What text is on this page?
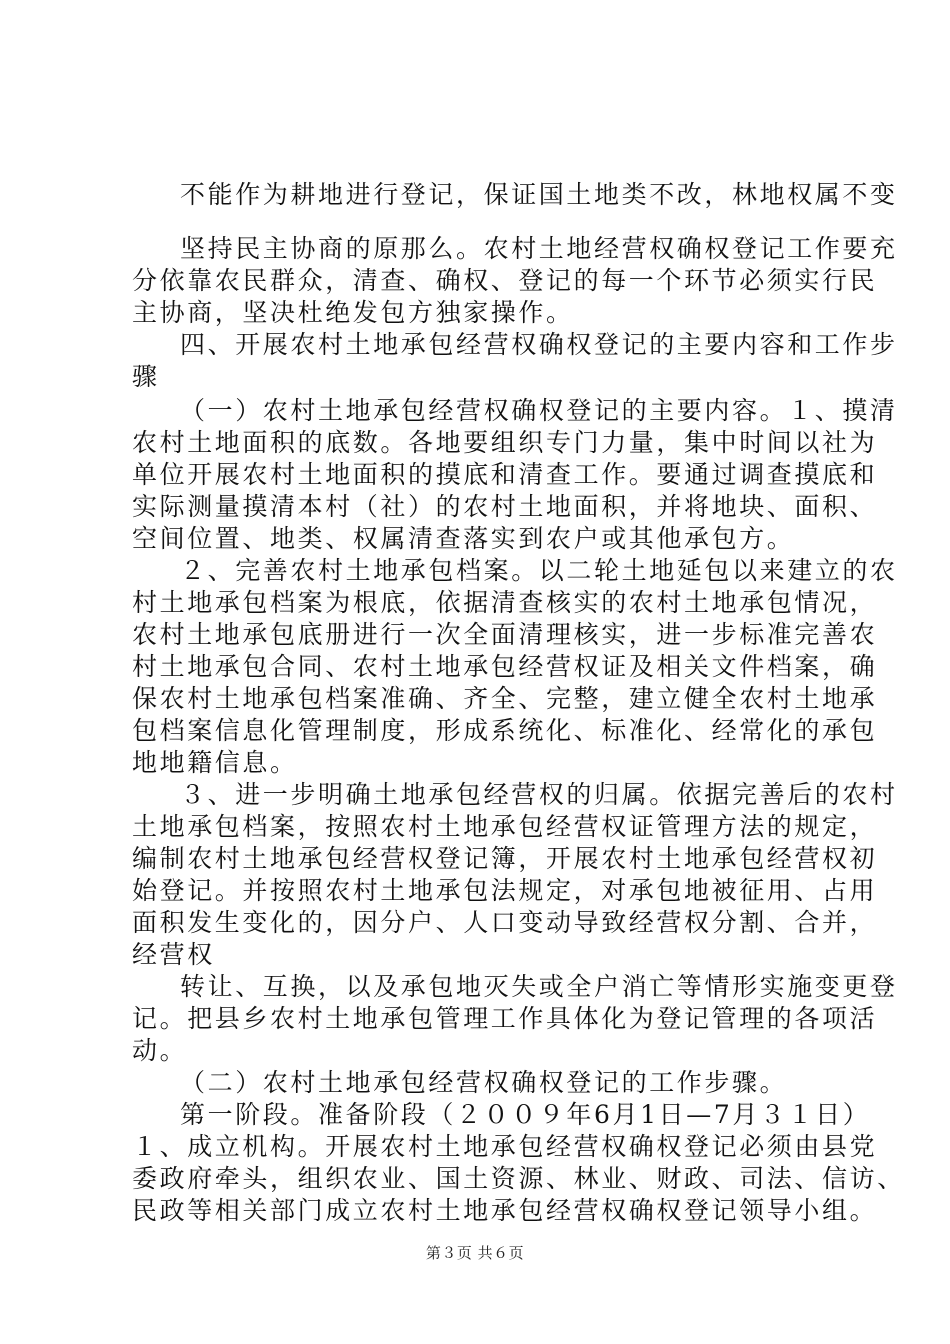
不能作为耕地进行登记，保证国土地类不改，林地权属不变
坚持民主协商的原那么。农村土地经营权确权登记工作要充
分依靠农民群众，清查、确权、登记的每一个环节必须实行民
主协商，坚决杜绝发包方独家操作。
四、开展农村土地承包经营权确权登记的主要内容和工作步
骤
（一）农村土地承包经营权确权登记的主要内容。１、摸清
农村土地面积的底数。各地要组织专门力量，集中时间以社为
单位开展农村土地面积的摸底和清查工作。要通过调查摸底和
实际测量摸清本村（社）的农村土地面积，并将地块、面积、
空间位置、地类、权属清查落实到农户或其他承包方。
２、完善农村土地承包档案。以二轮土地延包以来建立的农
村土地承包档案为根底，依据清查核实的农村土地承包情况，
农村土地承包底册进行一次全面清理核实，进一步标准完善农
村土地承包合同、农村土地承包经营权证及相关文件档案，确
保农村土地承包档案准确、齐全、完整，建立健全农村土地承
包档案信息化管理制度，形成系统化、标准化、经常化的承包
地地籍信息。
３、进一步明确土地承包经营权的归属。依据完善后的农村
土地承包档案，按照农村土地承包经营权证管理方法的规定，
编制农村土地承包经营权登记簿，开展农村土地承包经营权初
始登记。并按照农村土地承包法规定，对承包地被征用、占用
面积发生变化的，因分户、人口变动导致经营权分割、合并，
经营权
转让、互换，以及承包地灭失或全户消亡等情形实施变更登
记。把县乡农村土地承包管理工作具体化为登记管理的各项活
动。
（二）农村土地承包经营权确权登记的工作步骤。
第一阶段。准备阶段（２００９年6月1日—7月３１日）
１、成立机构。开展农村土地承包经营权确权登记必须由县党
委政府牵头，组织农业、国土资源、林业、财政、司法、信访、
民政等相关部门成立农村土地承包经营权确权登记领导小组。
第３页 共６页
